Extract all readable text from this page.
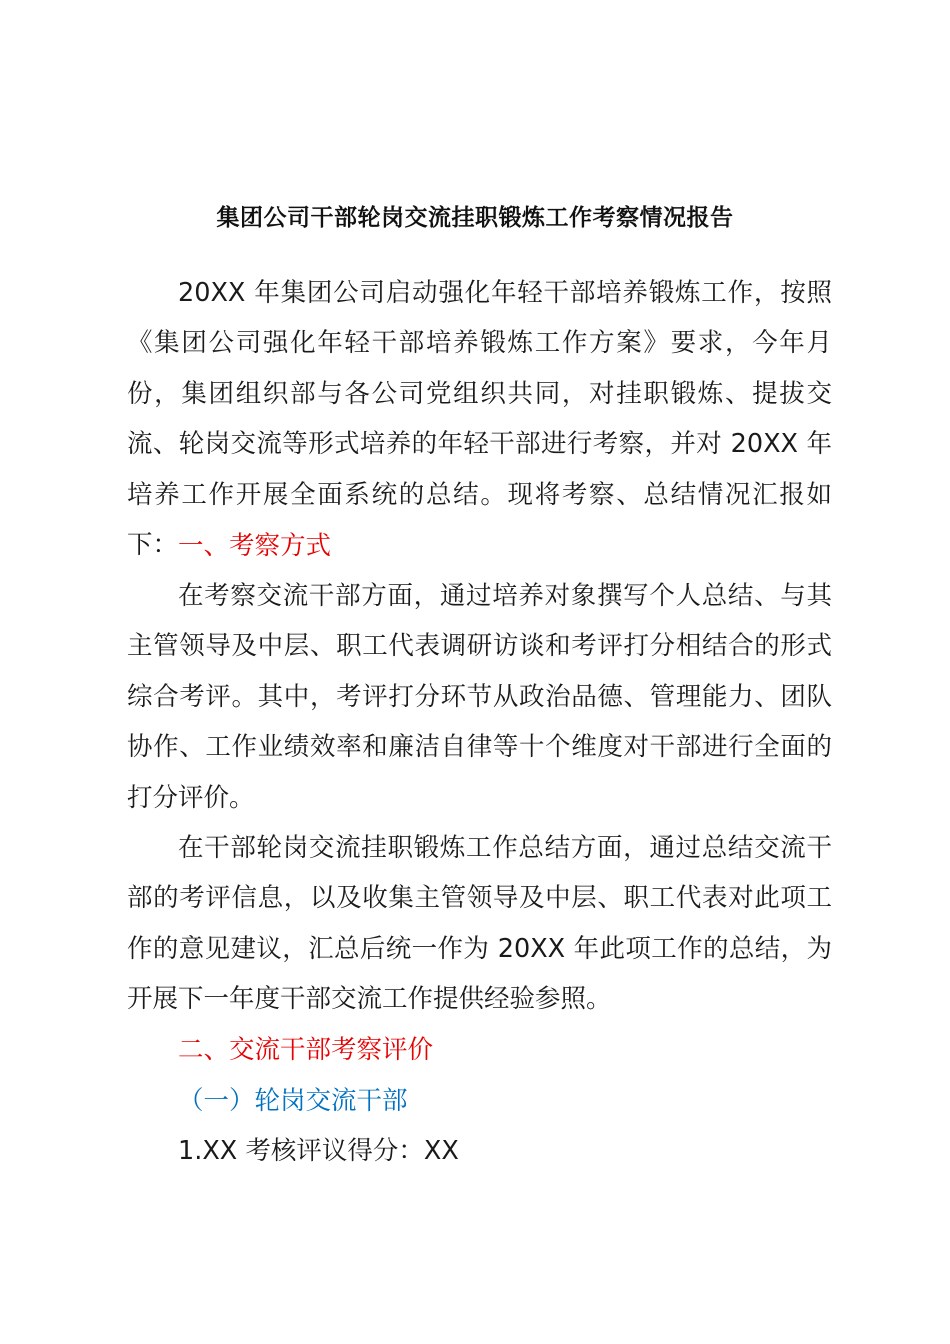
集团公司干部轮岗交流挂职锻炼工作考察情况报告

20XX 年集团公司启动强化年轻干部培养锻炼工作，按照《集团公司强化年轻干部培养锻炼工作方案》要求，今年月份，集团组织部与各公司党组织共同，对挂职锻炼、提拔交流、轮岗交流等形式培养的年轻干部进行考察，并对 20XX 年培养工作开展全面系统的总结。现将考察、总结情况汇报如下： 一、考察方式

在考察交流干部方面，通过培养对象撰写个人总结、与其主管领导及中层、职工代表调研访谈和考评打分相结合的形式综合考评。其中，考评打分环节从政治品德、管理能力、团队协作、工作业绩效率和廉洁自律等十个维度对干部进行全面的打分评价。

在干部轮岗交流挂职锻炼工作总结方面，通过总结交流干部的考评信息，以及收集主管领导及中层、职工代表对此项工作的意见建议，汇总后统一作为 20XX 年此项工作的总结，为开展下一年度干部交流工作提供经验参照。

二、交流干部考察评价

（一）轮岗交流干部

1.XX 考核评议得分：XX
